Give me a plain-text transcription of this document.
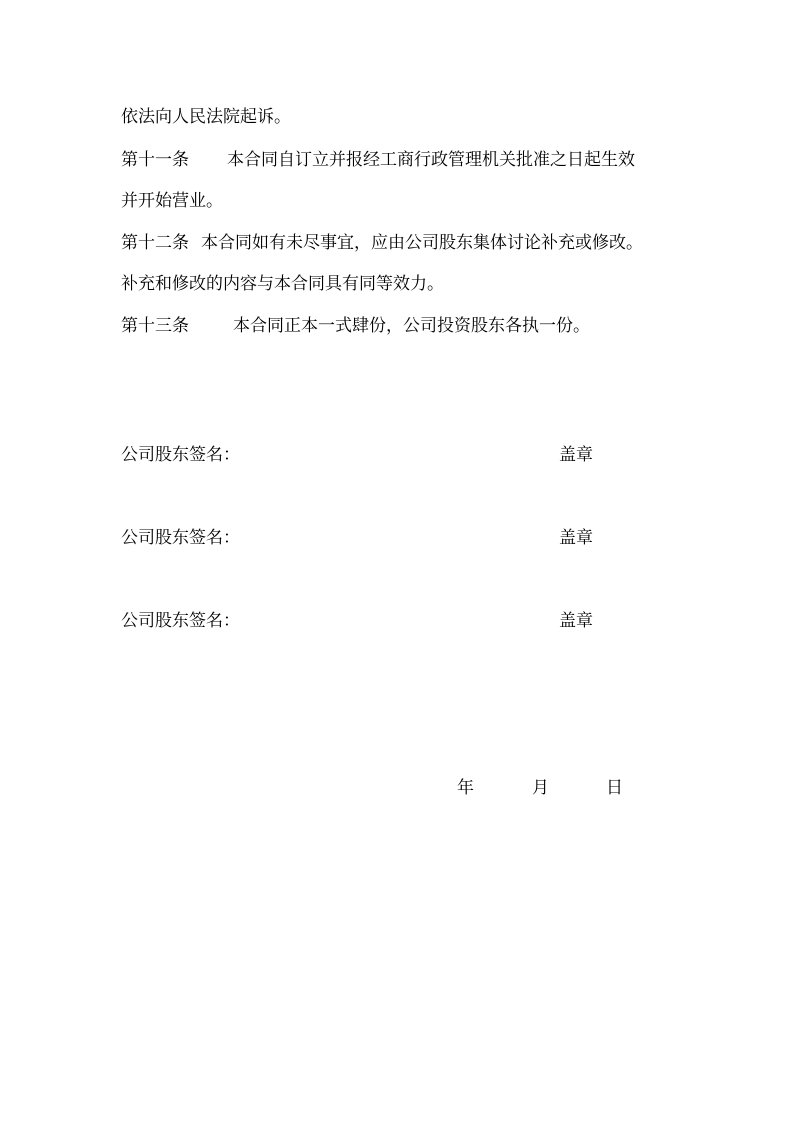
依法向人民法院起诉。
第十一条 本合同自订立并报经工商行政管理机关批准之日起生效
并开始营业。
第十二条 本合同如有未尽事宜，应由公司股东集体讨论补充或修改。
补充和修改的内容与本合同具有同等效力。
第十三条	本合同正本一式肆份，公司投资股东各执一份。
公司股东签名：	盖章
公司股东签名：	盖章
公司股东签名：	盖章
年	月	日
